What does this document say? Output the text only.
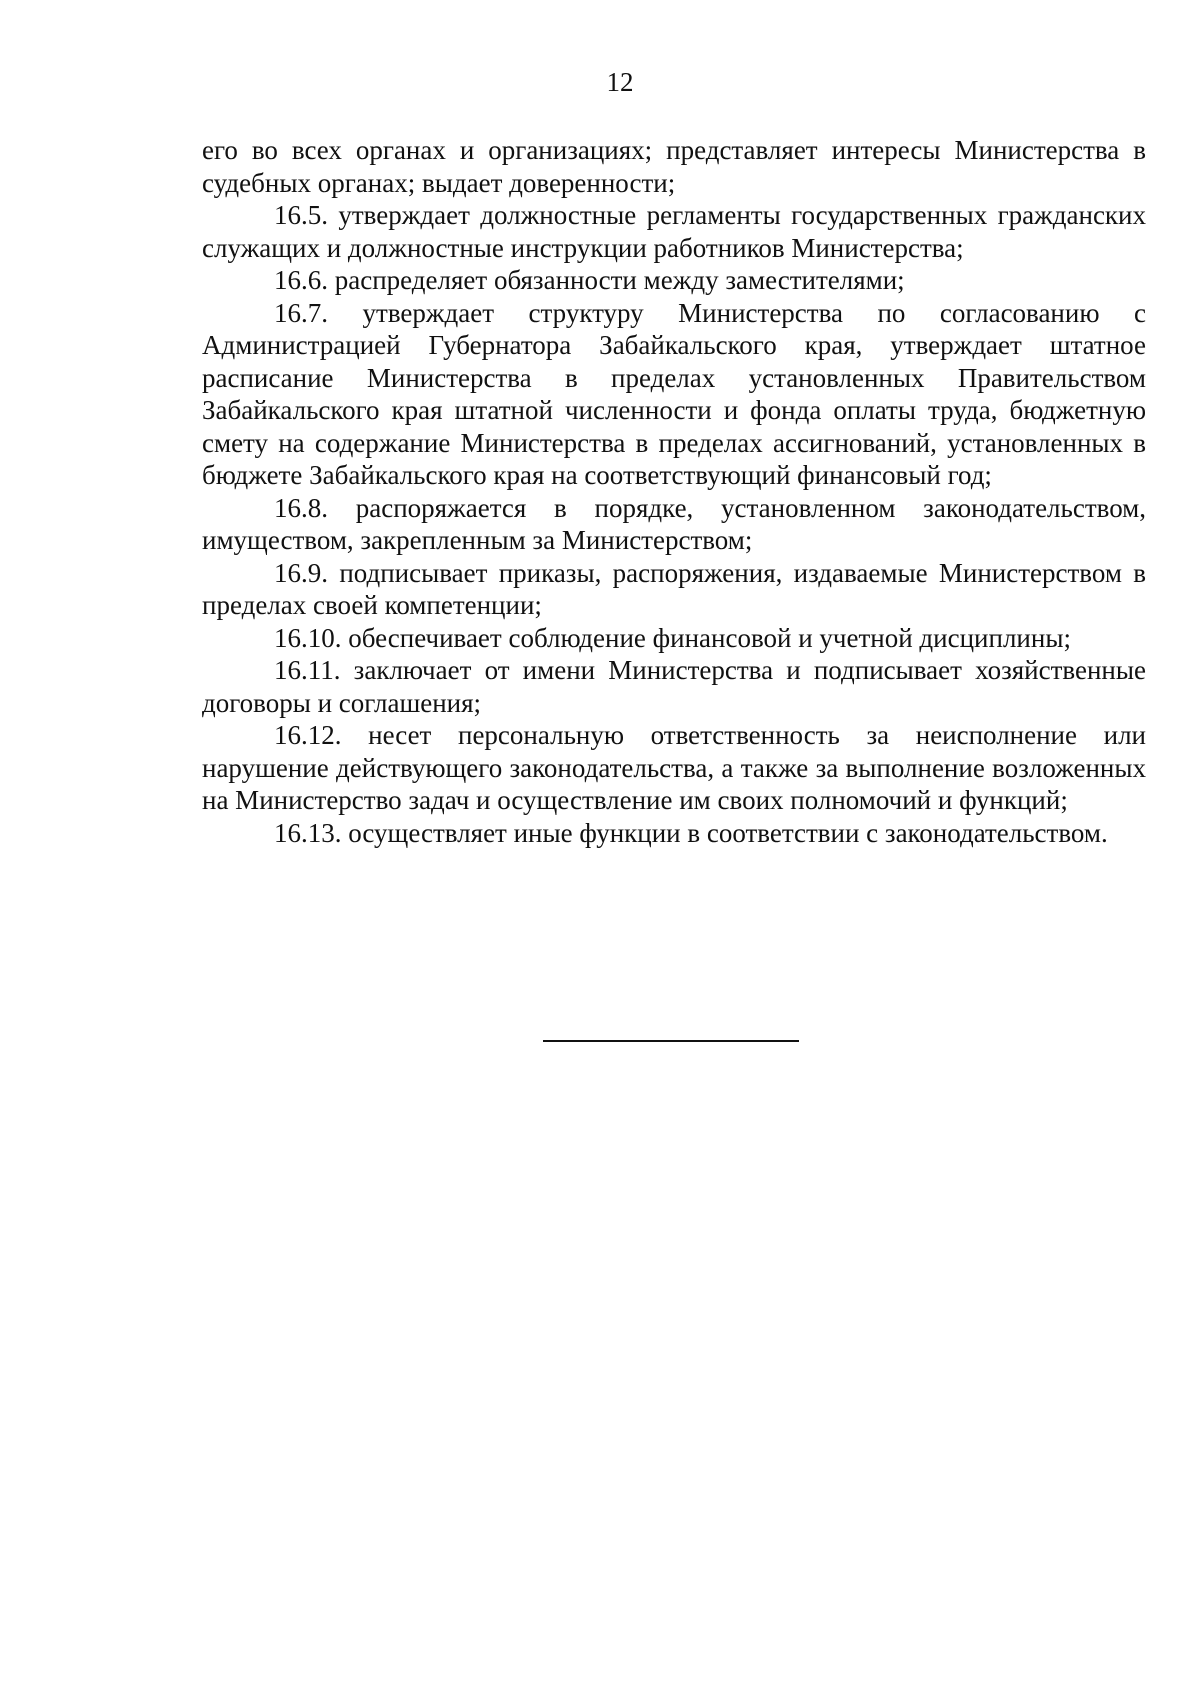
12

его во всех органах и организациях; представляет интересы Министерства в судебных органах; выдает доверенности;

16.5. утверждает должностные регламенты государственных гражданских служащих и должностные инструкции работников Министерства;

16.6. распределяет обязанности между заместителями;

16.7. утверждает структуру Министерства по согласованию с Администрацией Губернатора Забайкальского края, утверждает штатное расписание Министерства в пределах установленных Правительством Забайкальского края штатной численности и фонда оплаты труда, бюджетную смету на содержание Министерства в пределах ассигнований, установленных в бюджете Забайкальского края на соответствующий финансовый год;

16.8. распоряжается в порядке, установленном законодательством, имуществом, закрепленным за Министерством;

16.9. подписывает приказы, распоряжения, издаваемые Министерством в пределах своей компетенции;

16.10. обеспечивает соблюдение финансовой и учетной дисциплины;

16.11. заключает от имени Министерства и подписывает хозяйственные договоры и соглашения;

16.12. несет персональную ответственность за неисполнение или нарушение действующего законодательства, а также за выполнение возложенных на Министерство задач и осуществление им своих полномочий и функций;

16.13. осуществляет иные функции в соответствии с законодательством.
